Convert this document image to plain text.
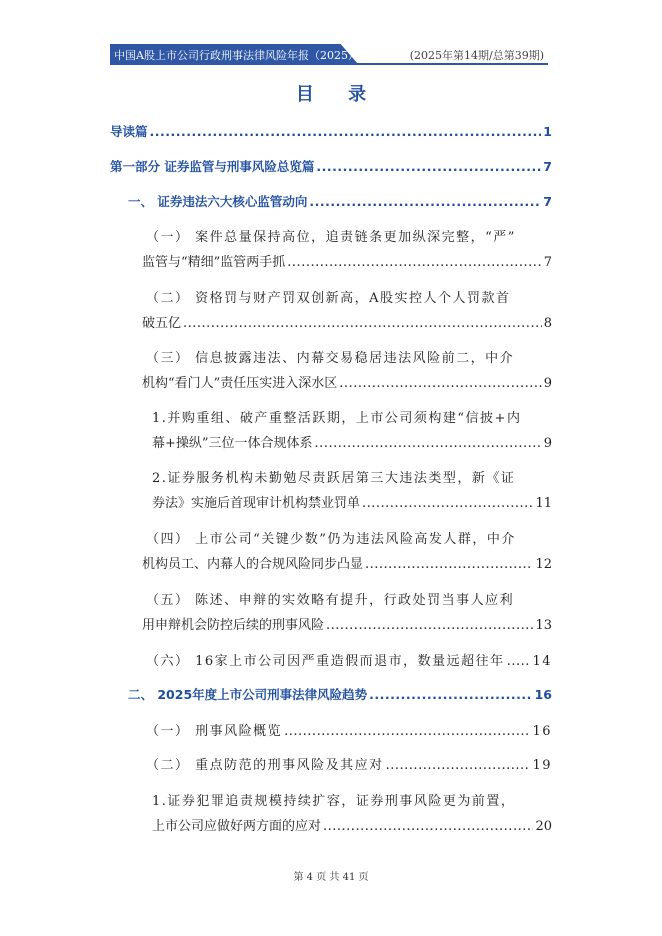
中国A股上市公司行政刑事法律风险年报（2025）	(2025年第14期/总第39期)
目 录
导读篇 .....	1
第一部分 证券监管与刑事风险总览篇 .....	7
一、 证券违法六大核心监管动向 .....	7
（一） 案件总量保持高位，追责链条更加纵深完整，“严”
监管与“精细”监管两手抓 .....	7
（二） 资格罚与财产罚双创新高，A股实控人个人罚款首
破五亿 .....	8
（三） 信息披露违法、内幕交易稳居违法风险前二，中介
机构“看门人”责任压实进入深水区 .....	9
1.并购重组、破产重整活跃期，上市公司须构建“信披+内
幕+操纵”三位一体合规体系 .....	9
2.证券服务机构未勤勉尽责跃居第三大违法类型，新《证
券法》实施后首现审计机构禁业罚单 .....	11
（四） 上市公司“关键少数”仍为违法风险高发人群，中介
机构员工、内幕人的合规风险同步凸显 .....	12
（五） 陈述、申辩的实效略有提升，行政处罚当事人应利
用申辩机会防控后续的刑事风险 .....	13
（六） 16家上市公司因严重造假而退市，数量远超往年 ..... 14
二、 2025年度上市公司刑事法律风险趋势 .....	16
（一） 刑事风险概览 .....	16
（二） 重点防范的刑事风险及其应对 .....	19
1.证券犯罪追责规模持续扩容，证券刑事风险更为前置，
上市公司应做好两方面的应对 .....	20
第 4 页 共 41 页
